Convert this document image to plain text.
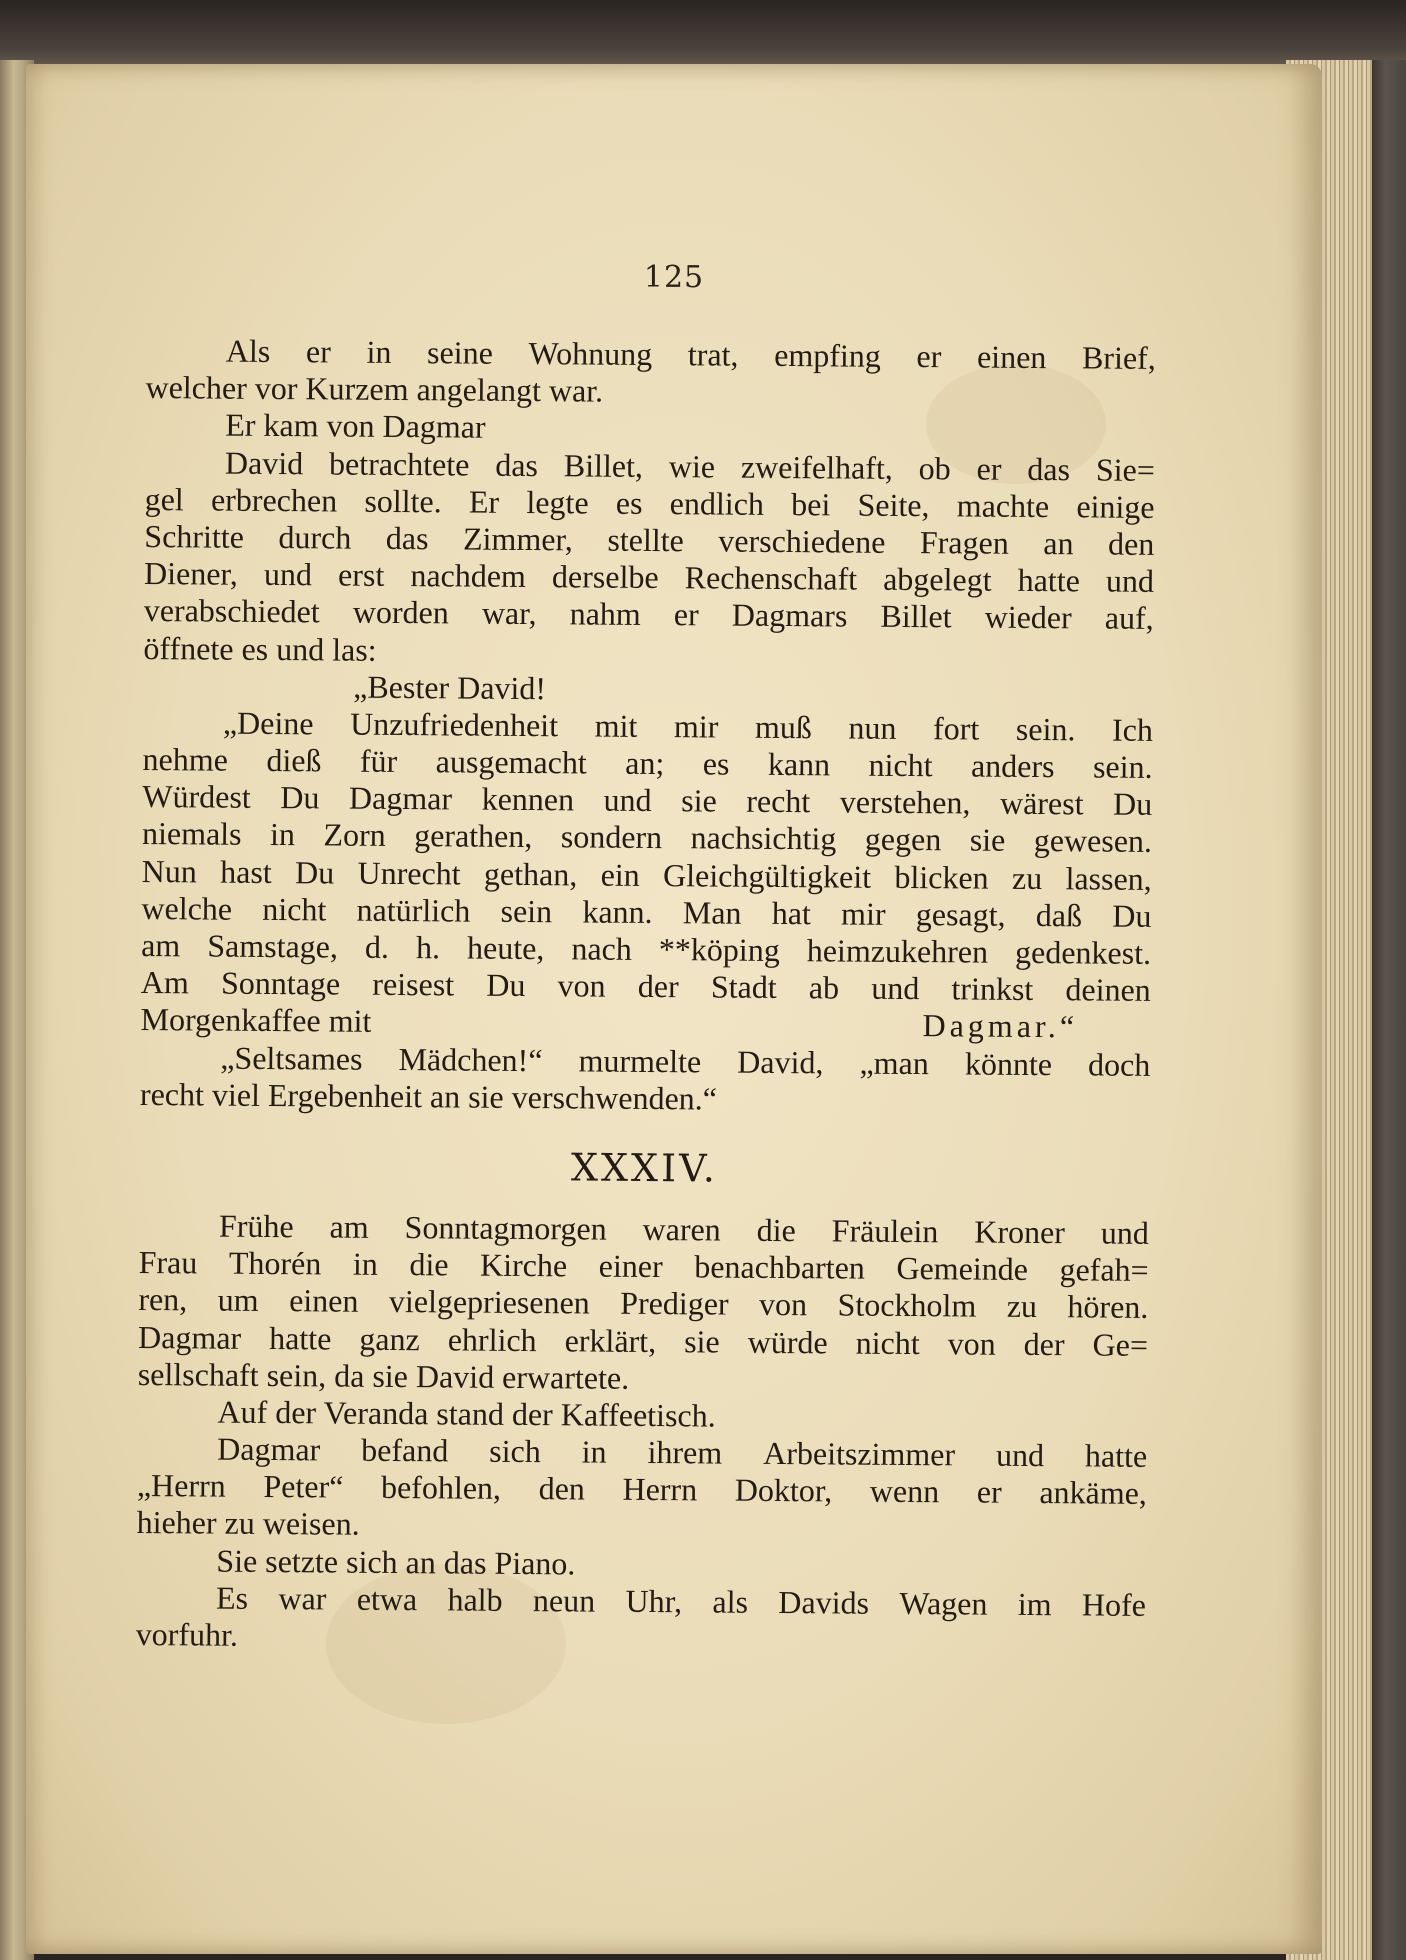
125
Als er in seine Wohnung trat, empfing er einen Brief,
welcher vor Kurzem angelangt war.
Er kam von Dagmar
David betrachtete das Billet, wie zweifelhaft, ob er das Sie=
gel erbrechen sollte. Er legte es endlich bei Seite, machte einige
Schritte durch das Zimmer, stellte verschiedene Fragen an den
Diener, und erst nachdem derselbe Rechenschaft abgelegt hatte und
verabschiedet worden war, nahm er Dagmars Billet wieder auf,
öffnete es und las:
„Bester David!
„Deine Unzufriedenheit mit mir muß nun fort sein. Ich
nehme dieß für ausgemacht an; es kann nicht anders sein.
Würdest Du Dagmar kennen und sie recht verstehen, wärest Du
niemals in Zorn gerathen, sondern nachsichtig gegen sie gewesen.
Nun hast Du Unrecht gethan, ein Gleichgültigkeit blicken zu lassen,
welche nicht natürlich sein kann. Man hat mir gesagt, daß Du
am Samstage, d. h. heute, nach **köping heimzukehren gedenkest.
Am Sonntage reisest Du von der Stadt ab und trinkst deinen
Morgenkaffee mit	Dagmar.“
„Seltsames Mädchen!“ murmelte David, „man könnte doch
recht viel Ergebenheit an sie verschwenden.“
XXXIV.
Frühe am Sonntagmorgen waren die Fräulein Kroner und
Frau Thorén in die Kirche einer benachbarten Gemeinde gefah=
ren, um einen vielgepriesenen Prediger von Stockholm zu hören.
Dagmar hatte ganz ehrlich erklärt, sie würde nicht von der Ge=
sellschaft sein, da sie David erwartete.
Auf der Veranda stand der Kaffeetisch.
Dagmar befand sich in ihrem Arbeitszimmer und hatte
„Herrn Peter“ befohlen, den Herrn Doktor, wenn er ankäme,
hieher zu weisen.
Sie setzte sich an das Piano.
Es war etwa halb neun Uhr, als Davids Wagen im Hofe
vorfuhr.
